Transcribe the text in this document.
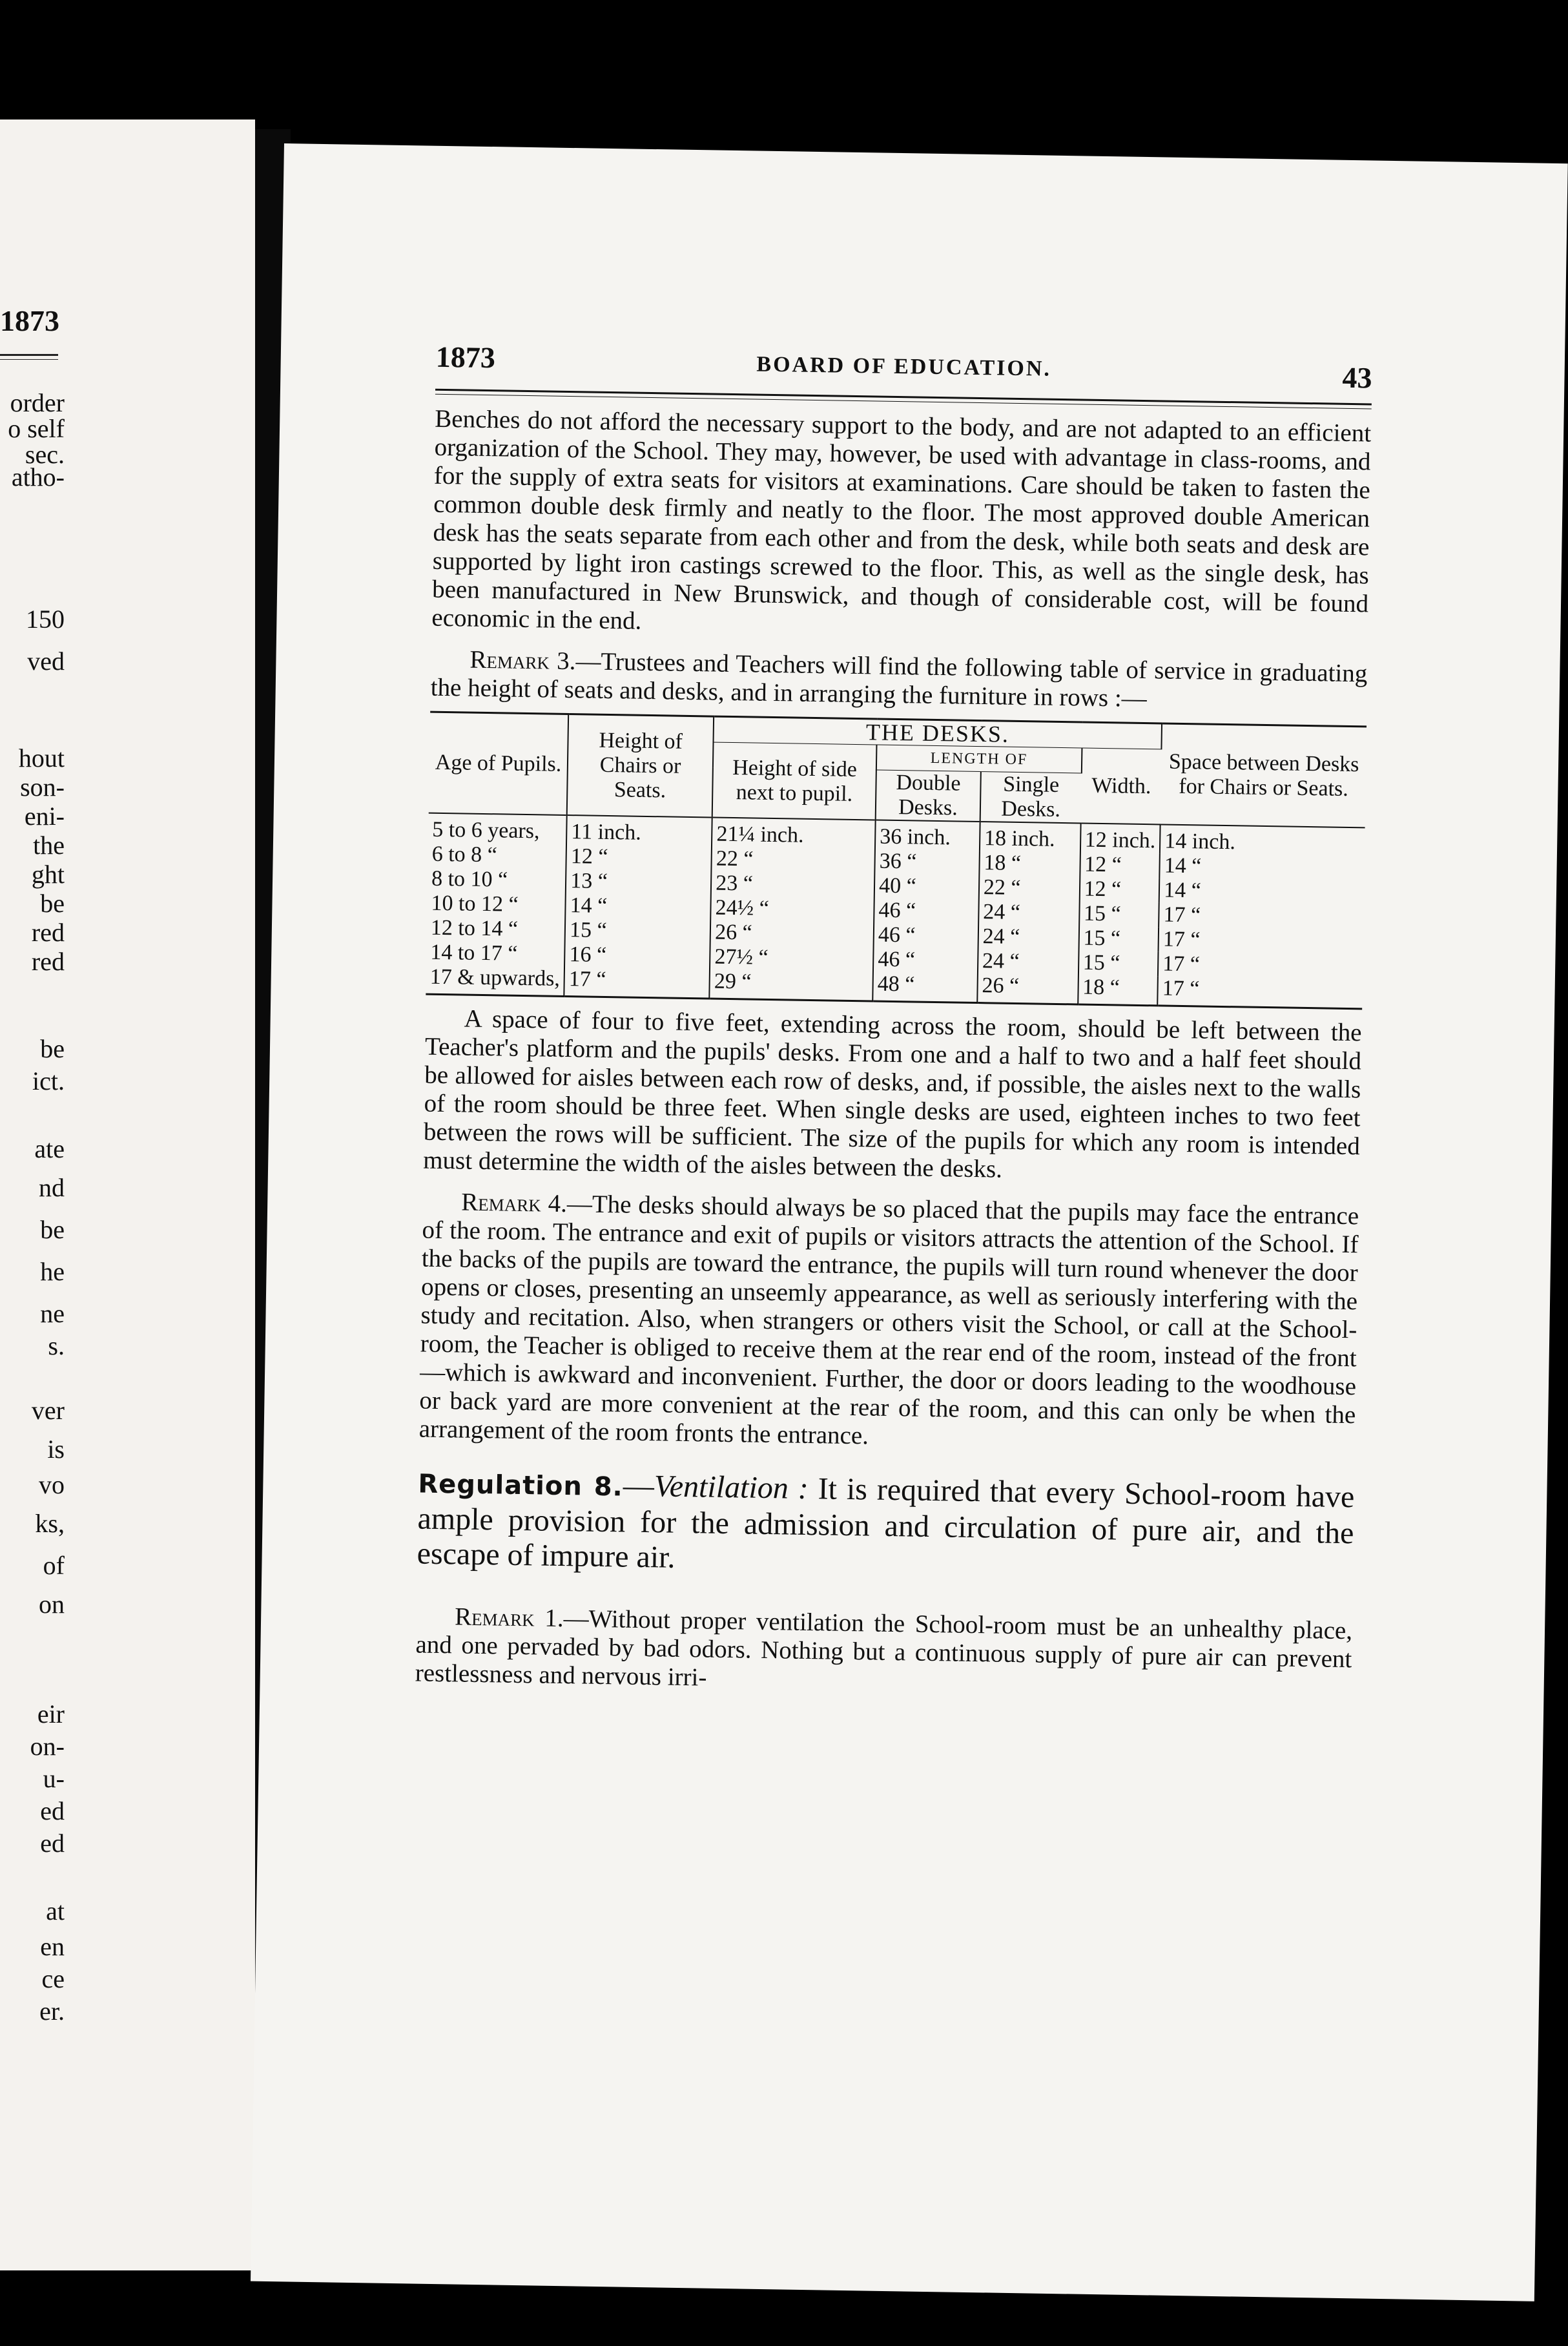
1873
order
o self
sec.
atho-
150
ved
hout
son-
eni-
the
ght
be
red
red
be
ict.
ate
nd
be
he
ne
s.
ver
is
vo
ks,
of
on
eir
on-
u-
ed
ed
at
en
ce
er.
1873	BOARD OF EDUCATION.	43

Benches do not afford the necessary support to the body, and are not adapted to an efficient organization of the School. They may, however, be used with advantage in class-rooms, and for the supply of extra seats for visitors at examinations. Care should be taken to fasten the common double desk firmly and neatly to the floor. The most approved double American desk has the seats separate from each other and from the desk, while both seats and desk are supported by light iron castings screwed to the floor. This, as well as the single desk, has been manufactured in New Brunswick, and though of considerable cost, will be found economic in the end.

Remark 3.—Trustees and Teachers will find the following table of service in graduating the height of seats and desks, and in arranging the furniture in rows :—

Age of Pupils.	Height of Chairs or Seats.	THE DESKS.				Space between Desks for Chairs or Seats.
		Height of side next to pupil.	LENGTH OF		Width.	
			Double Desks.	Single Desks.		
5 to 6 years,	11 inch.	21¼ inch.	36 inch.	18 inch.	12 inch.	14 inch.
6 to 8 “	12 “	22 “	36 “	18 “	12 “	14 “
8 to 10 “	13 “	23 “	40 “	22 “	12 “	14 “
10 to 12 “	14 “	24½ “	46 “	24 “	15 “	17 “
12 to 14 “	15 “	26 “	46 “	24 “	15 “	17 “
14 to 17 “	16 “	27½ “	46 “	24 “	15 “	17 “
17 & upwards,	17 “	29 “	48 “	26 “	18 “	17 “

A space of four to five feet, extending across the room, should be left between the Teacher's platform and the pupils' desks. From one and a half to two and a half feet should be allowed for aisles between each row of desks, and, if possible, the aisles next to the walls of the room should be three feet. When single desks are used, eighteen inches to two feet between the rows will be sufficient. The size of the pupils for which any room is intended must determine the width of the aisles between the desks.

Remark 4.—The desks should always be so placed that the pupils may face the entrance of the room. The entrance and exit of pupils or visitors attracts the attention of the School. If the backs of the pupils are toward the entrance, the pupils will turn round whenever the door opens or closes, presenting an unseemly appearance, as well as seriously interfering with the study and recitation. Also, when strangers or others visit the School, or call at the School-room, the Teacher is obliged to receive them at the rear end of the room, instead of the front—which is awkward and inconvenient. Further, the door or doors leading to the woodhouse or back yard are more convenient at the rear of the room, and this can only be when the arrangement of the room fronts the entrance.

Regulation 8.—Ventilation : It is required that every School-room have ample provision for the admission and circulation of pure air, and the escape of impure air.

Remark 1.—Without proper ventilation the School-room must be an unhealthy place, and one pervaded by bad odors. Nothing but a continuous supply of pure air can prevent restlessness and nervous irri-
